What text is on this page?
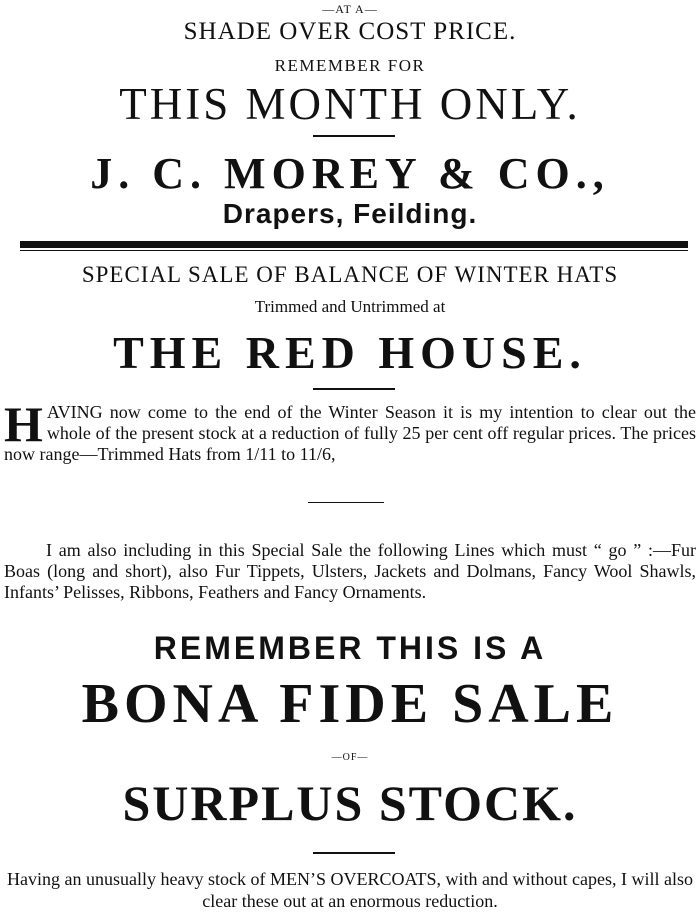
—AT A—
SHADE OVER COST PRICE.
REMEMBER FOR
THIS MONTH ONLY.
J. C. MOREY & CO.,
Drapers, Feilding.
SPECIAL SALE OF BALANCE OF WINTER HATS
Trimmed and Untrimmed at
THE RED HOUSE.
HAVING now come to the end of the Winter Season it is my intention to clear out the whole of the present stock at a reduction of fully 25 per cent off regular prices. The prices now range—Trimmed Hats from 1/11 to 11/6,
I am also including in this Special Sale the following Lines which must “ go ” :—Fur Boas (long and short), also Fur Tippets, Ulsters, Jackets and Dolmans, Fancy Wool Shawls, Infants’ Pelisses, Ribbons, Feathers and Fancy Ornaments.
REMEMBER THIS IS A
BONA FIDE SALE
—OF—
SURPLUS STOCK.
Having an unusually heavy stock of MEN’S OVERCOATS, with and without capes, I will also clear these out at an enormous reduction.
